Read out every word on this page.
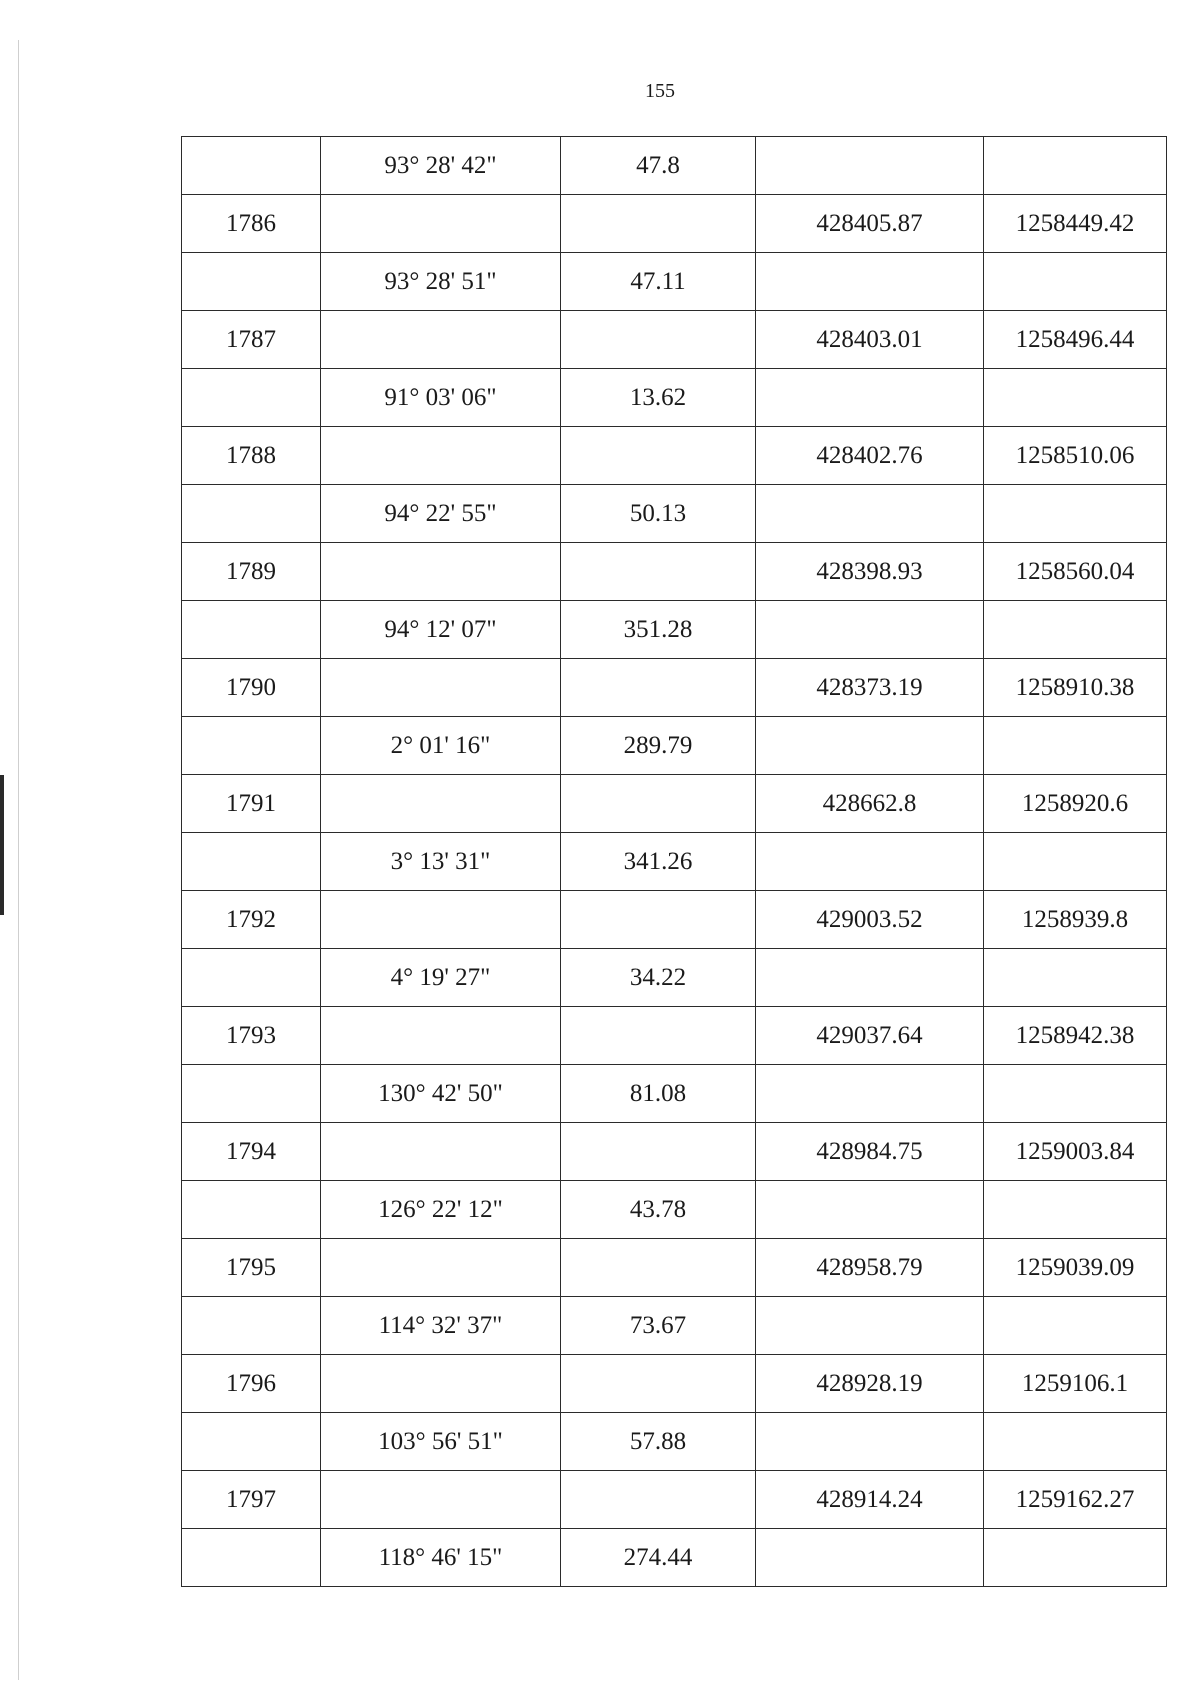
155
	93° 28' 42"	47.8		
1786			428405.87	1258449.42
	93° 28' 51"	47.11		
1787			428403.01	1258496.44
	91° 03' 06"	13.62		
1788			428402.76	1258510.06
	94° 22' 55"	50.13		
1789			428398.93	1258560.04
	94° 12' 07"	351.28		
1790			428373.19	1258910.38
	2° 01' 16"	289.79		
1791			428662.8	1258920.6
	3° 13' 31"	341.26		
1792			429003.52	1258939.8
	4° 19' 27"	34.22		
1793			429037.64	1258942.38
	130° 42' 50"	81.08		
1794			428984.75	1259003.84
	126° 22' 12"	43.78		
1795			428958.79	1259039.09
	114° 32' 37"	73.67		
1796			428928.19	1259106.1
	103° 56' 51"	57.88		
1797			428914.24	1259162.27
	118° 46' 15"	274.44		
